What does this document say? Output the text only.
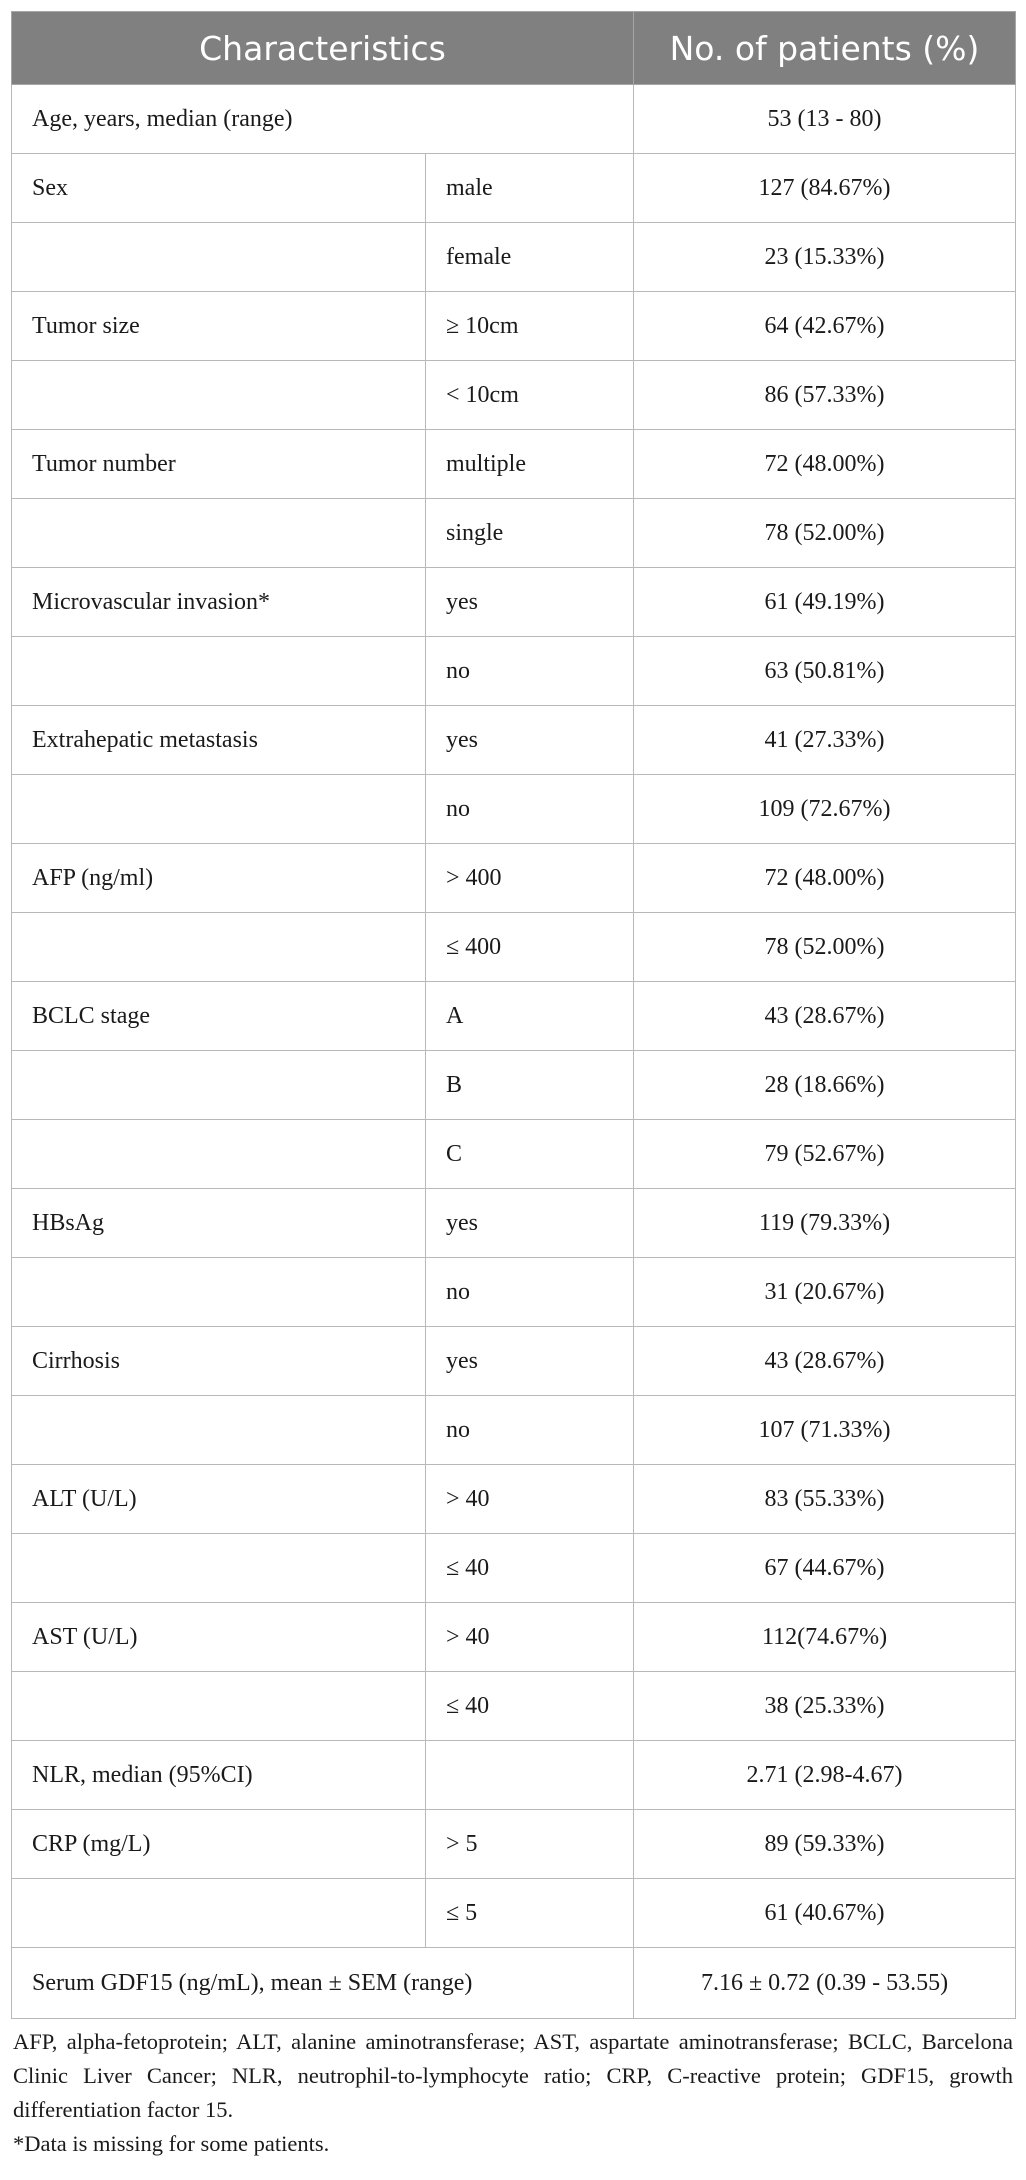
Characteristics		No. of patients (%)
Age, years, median (range)		53 (13 - 80)
Sex	male	127 (84.67%)
	female	23 (15.33%)
Tumor size	≥ 10cm	64 (42.67%)
	< 10cm	86 (57.33%)
Tumor number	multiple	72 (48.00%)
	single	78 (52.00%)
Microvascular invasion*	yes	61 (49.19%)
	no	63 (50.81%)
Extrahepatic metastasis	yes	41 (27.33%)
	no	109 (72.67%)
AFP (ng/ml)	> 400	72 (48.00%)
	≤ 400	78 (52.00%)
BCLC stage	A	43 (28.67%)
	B	28 (18.66%)
	C	79 (52.67%)
HBsAg	yes	119 (79.33%)
	no	31 (20.67%)
Cirrhosis	yes	43 (28.67%)
	no	107 (71.33%)
ALT (U/L)	> 40	83 (55.33%)
	≤ 40	67 (44.67%)
AST (U/L)	> 40	112(74.67%)
	≤ 40	38 (25.33%)
NLR, median (95%CI)		2.71 (2.98-4.67)
CRP (mg/L)	> 5	89 (59.33%)
	≤ 5	61 (40.67%)
Serum GDF15 (ng/mL), mean ± SEM (range)		7.16 ± 0.72 (0.39 - 53.55)

AFP, alpha-fetoprotein; ALT, alanine aminotransferase; AST, aspartate aminotransferase; BCLC, Barcelona Clinic Liver Cancer; NLR, neutrophil-to-lymphocyte ratio; CRP, C-reactive protein; GDF15, growth differentiation factor 15.

*Data is missing for some patients.
